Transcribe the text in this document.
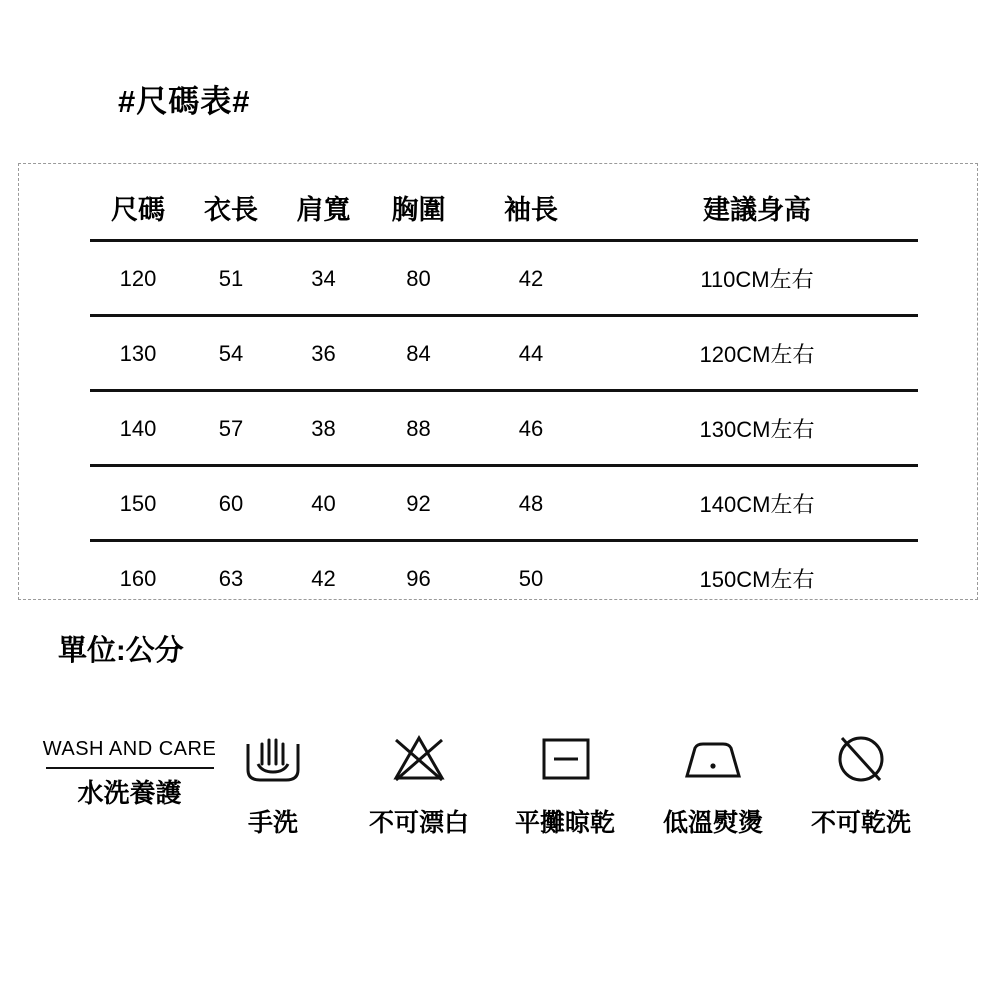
#尺碼表#
尺碼	衣長	肩寬	胸圍	袖長	建議身高
120	51	34	80	42	110CM左右
130	54	36	84	44	120CM左右
140	57	38	88	46	130CM左右
150	60	40	92	48	140CM左右
160	63	42	96	50	150CM左右
單位:公分
WASH AND CARE
水洗養護
手洗	不可漂白	平攤晾乾	低溫熨燙	不可乾洗
